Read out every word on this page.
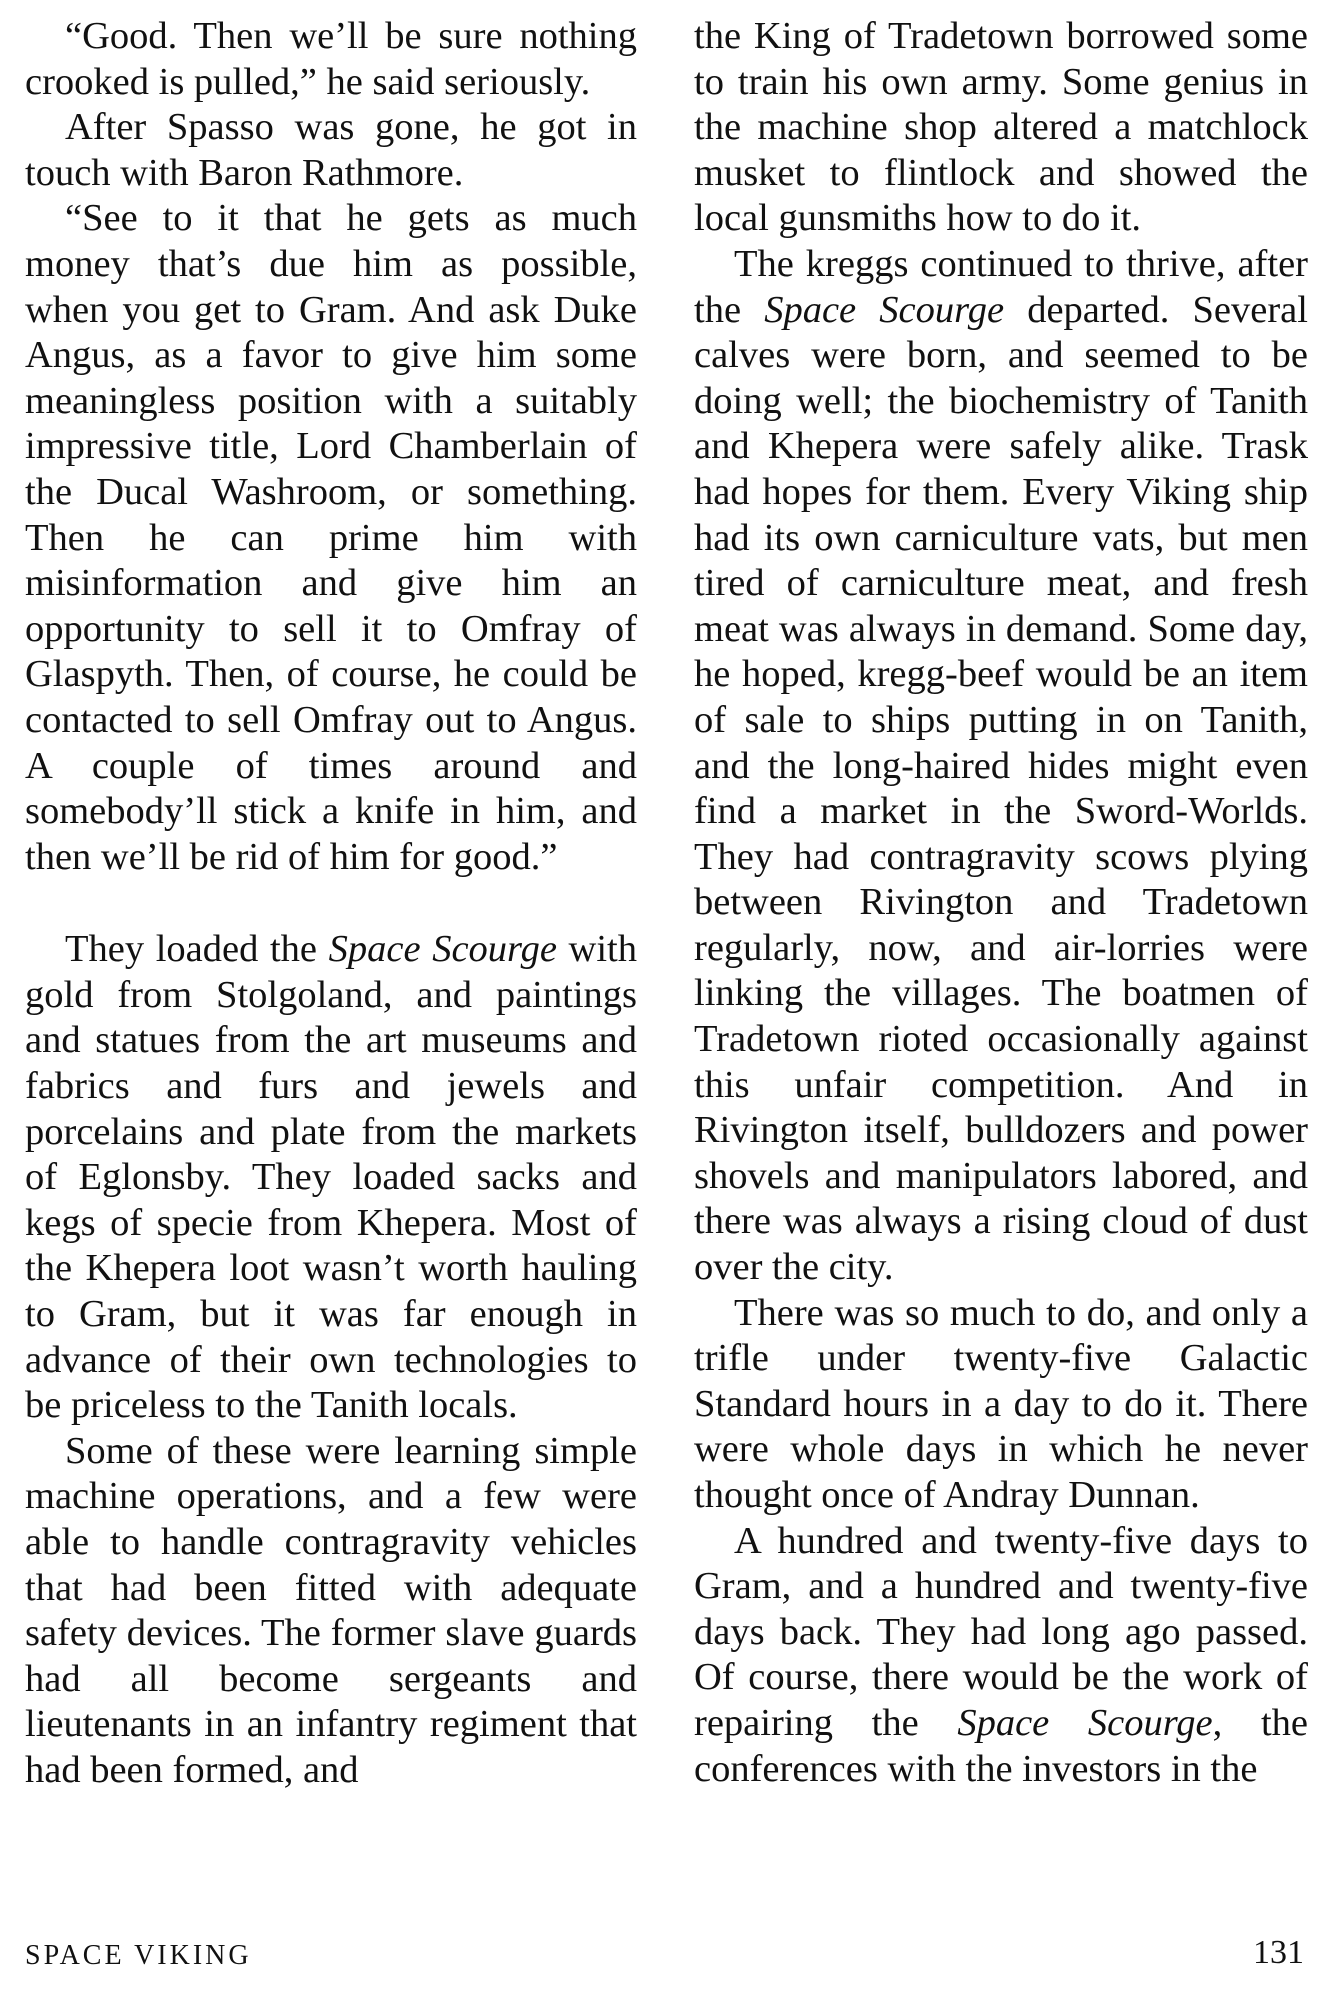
“Good. Then we’ll be sure nothing crooked is pulled,” he said seriously.

After Spasso was gone, he got in touch with Baron Rathmore.

“See to it that he gets as much money that’s due him as possible, when you get to Gram. And ask Duke Angus, as a favor to give him some meaningless position with a suitably impressive title, Lord Chamberlain of the Ducal Washroom, or something. Then he can prime him with misinformation and give him an opportunity to sell it to Omfray of Glaspyth. Then, of course, he could be contacted to sell Omfray out to Angus. A couple of times around and somebody’ll stick a knife in him, and then we’ll be rid of him for good.”

They loaded the Space Scourge with gold from Stolgoland, and paintings and statues from the art museums and fabrics and furs and jewels and porcelains and plate from the markets of Eglonsby. They loaded sacks and kegs of specie from Khepera. Most of the Khepera loot wasn’t worth hauling to Gram, but it was far enough in advance of their own technologies to be priceless to the Tanith locals.

Some of these were learning simple machine operations, and a few were able to handle contragravity vehicles that had been fitted with adequate safety devices. The former slave guards had all become sergeants and lieutenants in an infantry regiment that had been formed, and

the King of Tradetown borrowed some to train his own army. Some genius in the machine shop altered a matchlock musket to flintlock and showed the local gunsmiths how to do it.

The kreggs continued to thrive, after the Space Scourge departed. Several calves were born, and seemed to be doing well; the biochemistry of Tanith and Khepera were safely alike. Trask had hopes for them. Every Viking ship had its own carniculture vats, but men tired of carniculture meat, and fresh meat was always in demand. Some day, he hoped, kregg-beef would be an item of sale to ships putting in on Tanith, and the long-haired hides might even find a market in the Sword-Worlds. They had contragravity scows plying between Rivington and Tradetown regularly, now, and air-lorries were linking the villages. The boatmen of Tradetown rioted occasionally against this unfair competition. And in Rivington itself, bulldozers and power shovels and manipulators labored, and there was always a rising cloud of dust over the city.

There was so much to do, and only a trifle under twenty-five Galactic Standard hours in a day to do it. There were whole days in which he never thought once of Andray Dunnan.

A hundred and twenty-five days to Gram, and a hundred and twenty-five days back. They had long ago passed. Of course, there would be the work of repairing the Space Scourge, the conferences with the investors in the

SPACE VIKING	131
